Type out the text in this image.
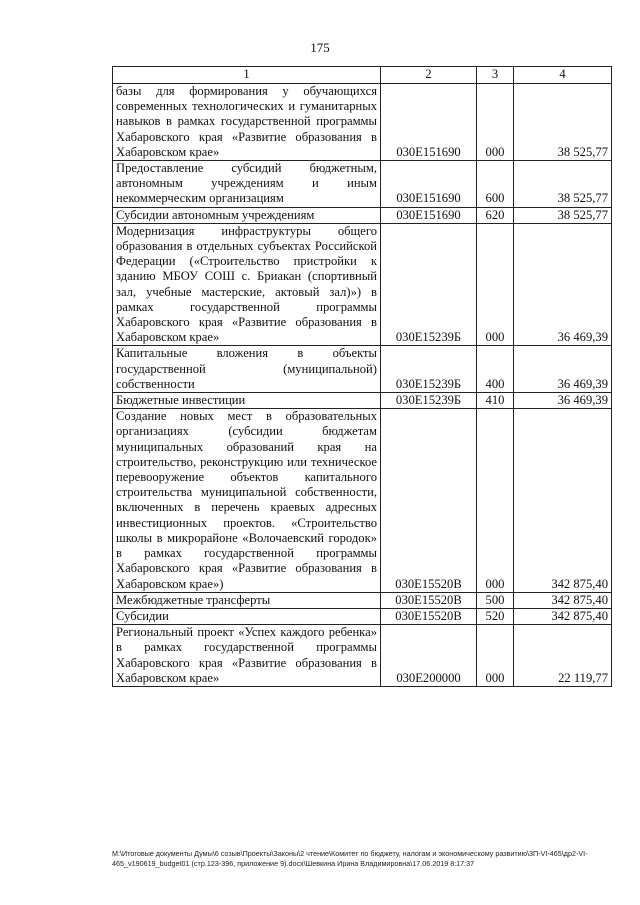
175
1	2	3	4
базы для формирования у обучающихся современных технологических и гуманитарных навыков в рамках государственной программы Хабаровского края «Развитие образования в Хабаровском крае»	030E151690	000	38 525,77
Предоставление субсидий бюджетным, автономным учреждениям и иным некоммерческим организациям	030E151690	600	38 525,77
Субсидии автономным учреждениям	030E151690	620	38 525,77
Модернизация инфраструктуры общего образования в отдельных субъектах Российской Федерации («Строительство пристройки к зданию МБОУ СОШ с. Бриакан (спортивный зал, учебные мастерские, актовый зал)») в рамках государственной программы Хабаровского края «Развитие образования в Хабаровском крае»	030E15239Б	000	36 469,39
Капитальные вложения в объекты государственной (муниципальной) собственности	030E15239Б	400	36 469,39
Бюджетные инвестиции	030E15239Б	410	36 469,39
Создание новых мест в образовательных организациях (субсидии бюджетам муниципальных образований края на строительство, реконструкцию или техническое перевооружение объектов капитального строительства муниципальной собственности, включенных в перечень краевых адресных инвестиционных проектов. «Строительство школы в микрорайоне «Волочаевский городок» в рамках государственной программы Хабаровского края «Развитие образования в Хабаровском крае»)	030E15520В	000	342 875,40
Межбюджетные трансферты	030E15520В	500	342 875,40
Субсидии	030E15520В	520	342 875,40
Региональный проект «Успех каждого ребенка» в рамках государственной программы Хабаровского края «Развитие образования в Хабаровском крае»	030E200000	000	22 119,77
M:\Итоговые документы Думы\6 созыв\Проекты\Законы\2 чтение\Комитет по бюджету, налогам и экономическому развитию\3П-VI-465\др2-VI-465_v190619_budget01 (стр.123-396, приложение 9).docx\Шевкина Ирина Владимировна\17.06.2019 8:17:37
